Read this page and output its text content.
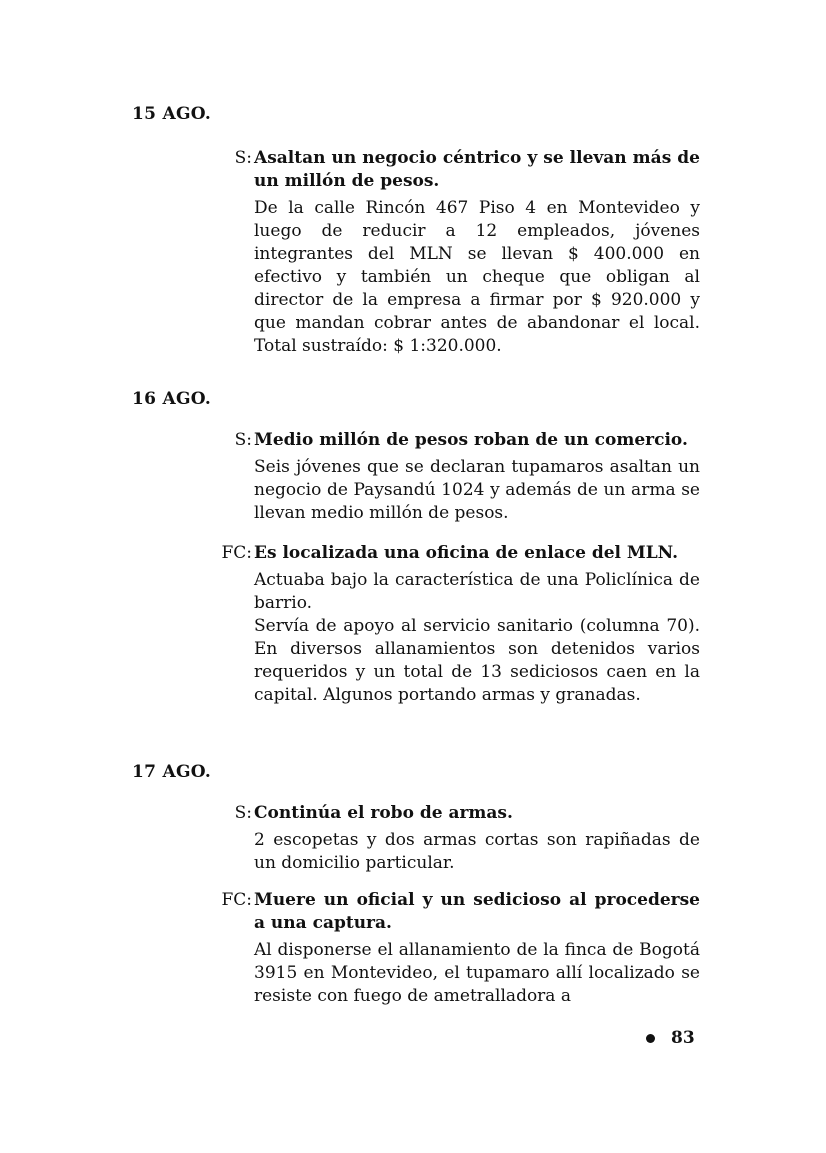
15 AGO.
S: Asaltan un negocio céntrico y se llevan más de un millón de pesos.

De la calle Rincón 467 Piso 4 en Montevideo y luego de reducir a 12 empleados, jóvenes integrantes del MLN se llevan $ 400.000 en efectivo y también un cheque que obligan al director de la empresa a firmar por $ 920.000 y que mandan cobrar antes de abandonar el local. Total sustraído: $ 1:320.000.

16 AGO.
S: Medio millón de pesos roban de un comercio.

Seis jóvenes que se declaran tupamaros asaltan un negocio de Paysandú 1024 y además de un arma se llevan medio millón de pesos.

FC: Es localizada una oficina de enlace del MLN.

Actuaba bajo la característica de una Policlínica de barrio.

Servía de apoyo al servicio sanitario (columna 70). En diversos allanamientos son detenidos varios requeridos y un total de 13 sediciosos caen en la capital. Algunos portando armas y granadas.

17 AGO.
S: Continúa el robo de armas.

2 escopetas y dos armas cortas son rapiñadas de un domicilio particular.

FC: Muere un oficial y un sedicioso al procederse a una captura.

Al disponerse el allanamiento de la finca de Bogotá 3915 en Montevideo, el tupamaro allí localizado se resiste con fuego de ametralladora a

83
